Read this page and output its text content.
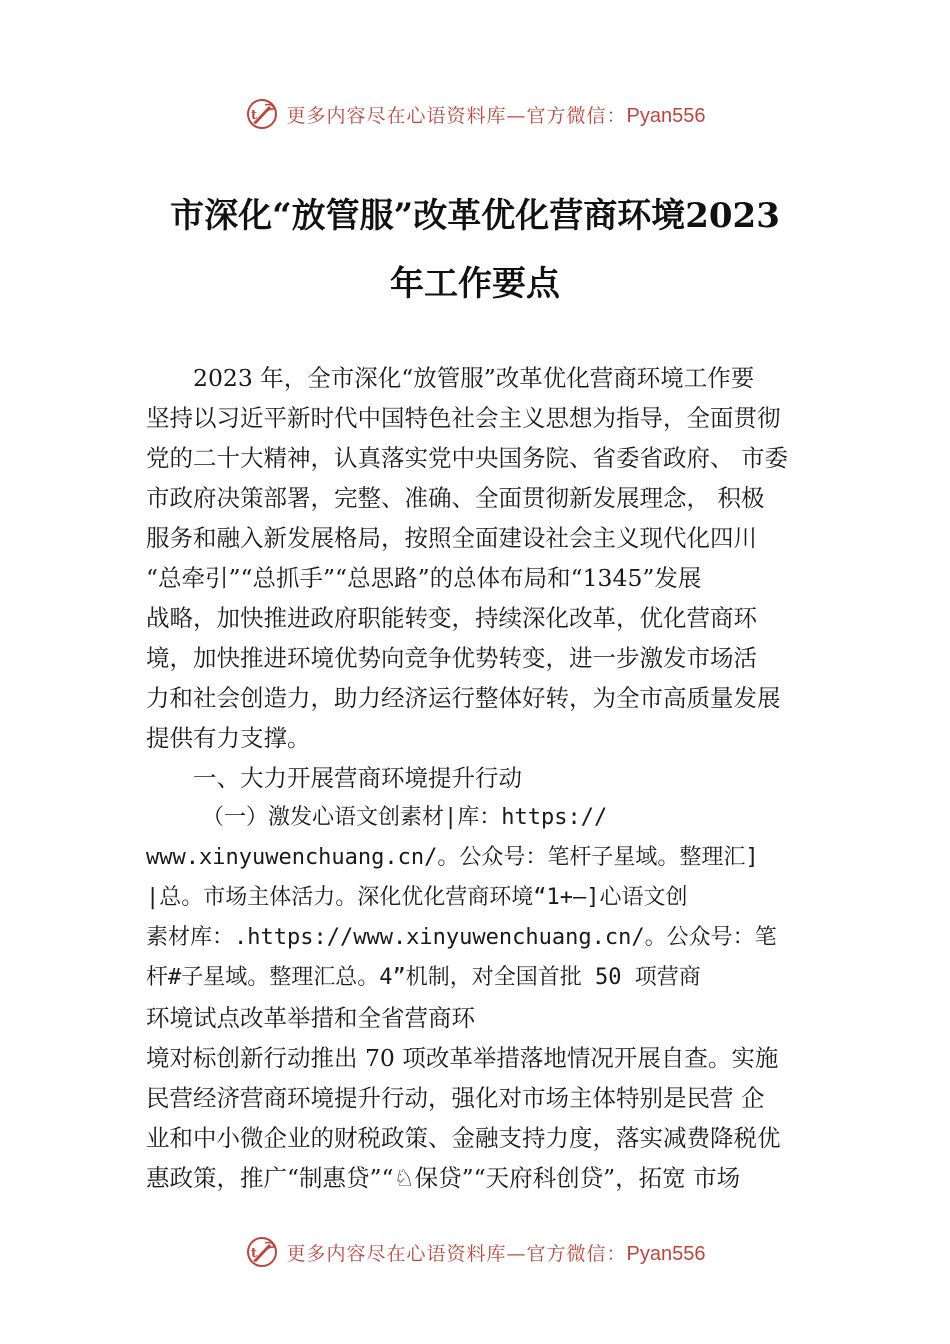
t 更多内容尽在心语资料库—官方微信：Pyan556
市深化“放管服”改革优化营商环境2023
年工作要点
2023 年，全市深化“放管服”改革优化营商环境工作要
坚持以习近平新时代中国特色社会主义思想为指导，全面贯彻
党的二十大精神，认真落实党中央国务院、省委省政府、 市委
市政府决策部署，完整、准确、全面贯彻新发展理念， 积极
服务和融入新发展格局，按照全面建设社会主义现代化四川
“总牵引”“总抓手”“总思路”的总体布局和“1345”发展
战略，加快推进政府职能转变，持续深化改革，优化营商环
境，加快推进环境优势向竞争优势转变，进一步激发市场活
力和社会创造力，助力经济运行整体好转，为全市高质量发展
提供有力支撑。
一、大力开展营商环境提升行动
（一）激发心语文创素材|库：https://
www.xinyuwenchuang.cn/。公众号：笔杆子星域。整理汇]
|总。市场主体活力。深化优化营商环境“1+—]心语文创
素材库：.https://www.xinyuwenchuang.cn/。公众号：笔
杆#子星域。整理汇总。4”机制，对全国首批 50 项营商
环境试点改革举措和全省营商环
境对标创新行动推出 70 项改革举措落地情况开展自查。实施
民营经济营商环境提升行动，强化对市场主体特别是民营 企
业和中小微企业的财税政策、金融支持力度，落实减费降税优
惠政策，推广“制惠贷”“♘保贷”“天府科创贷”，拓宽 市场
t 更多内容尽在心语资料库—官方微信：Pyan556
